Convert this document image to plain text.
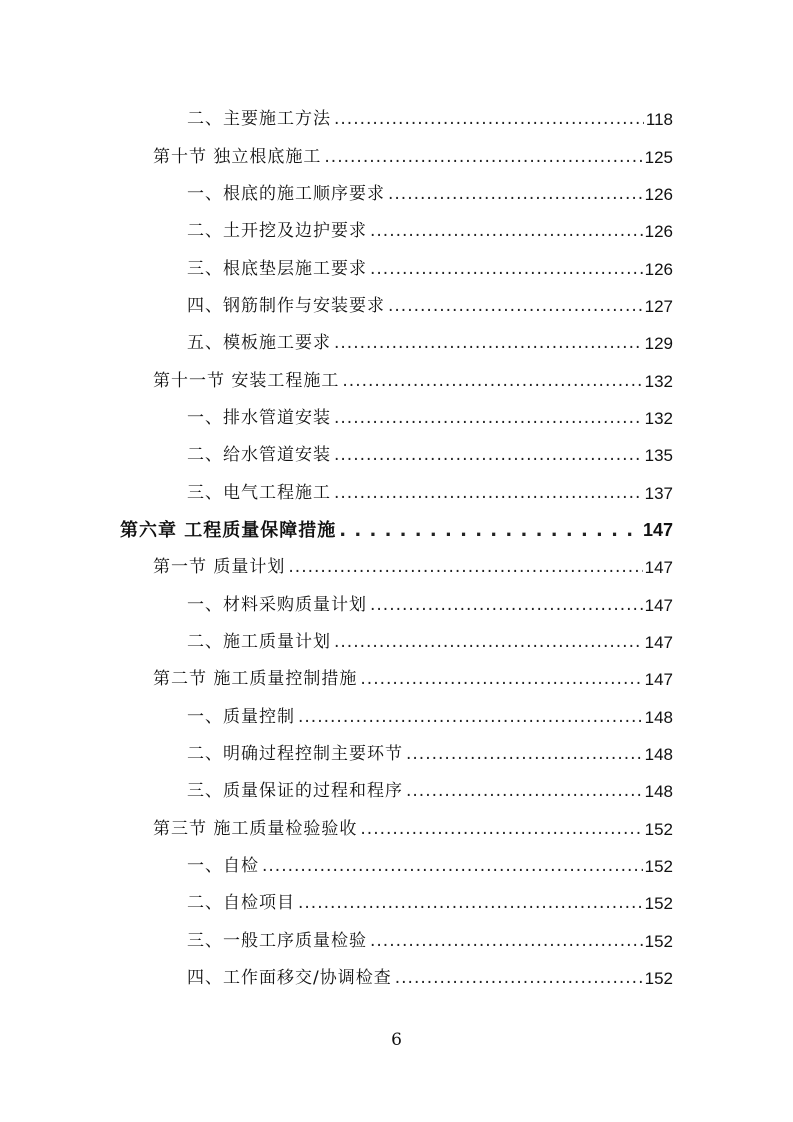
二、主要施工方法 .....	118
第十节 独立根底施工 .....	125
一、根底的施工顺序要求 .....	126
二、土开挖及边护要求 .....	126
三、根底垫层施工要求 .....	126
四、钢筋制作与安装要求 .....	127
五、模板施工要求 .....	129
第十一节 安装工程施工 .....	132
一、排水管道安装 .....	132
二、给水管道安装 .....	135
三、电气工程施工 .....	137
第六章 工程质量保障措施 . . .	147
第一节 质量计划 .....	147
一、材料采购质量计划 .....	147
二、施工质量计划 .....	147
第二节 施工质量控制措施 .....	147
一、质量控制 .....	148
二、明确过程控制主要环节 .....	148
三、质量保证的过程和程序 .....	148
第三节 施工质量检验验收 .....	152
一、自检 .....	152
二、自检项目 .....	152
三、一般工序质量检验 .....	152
四、工作面移交/协调检查 .....	152
6
